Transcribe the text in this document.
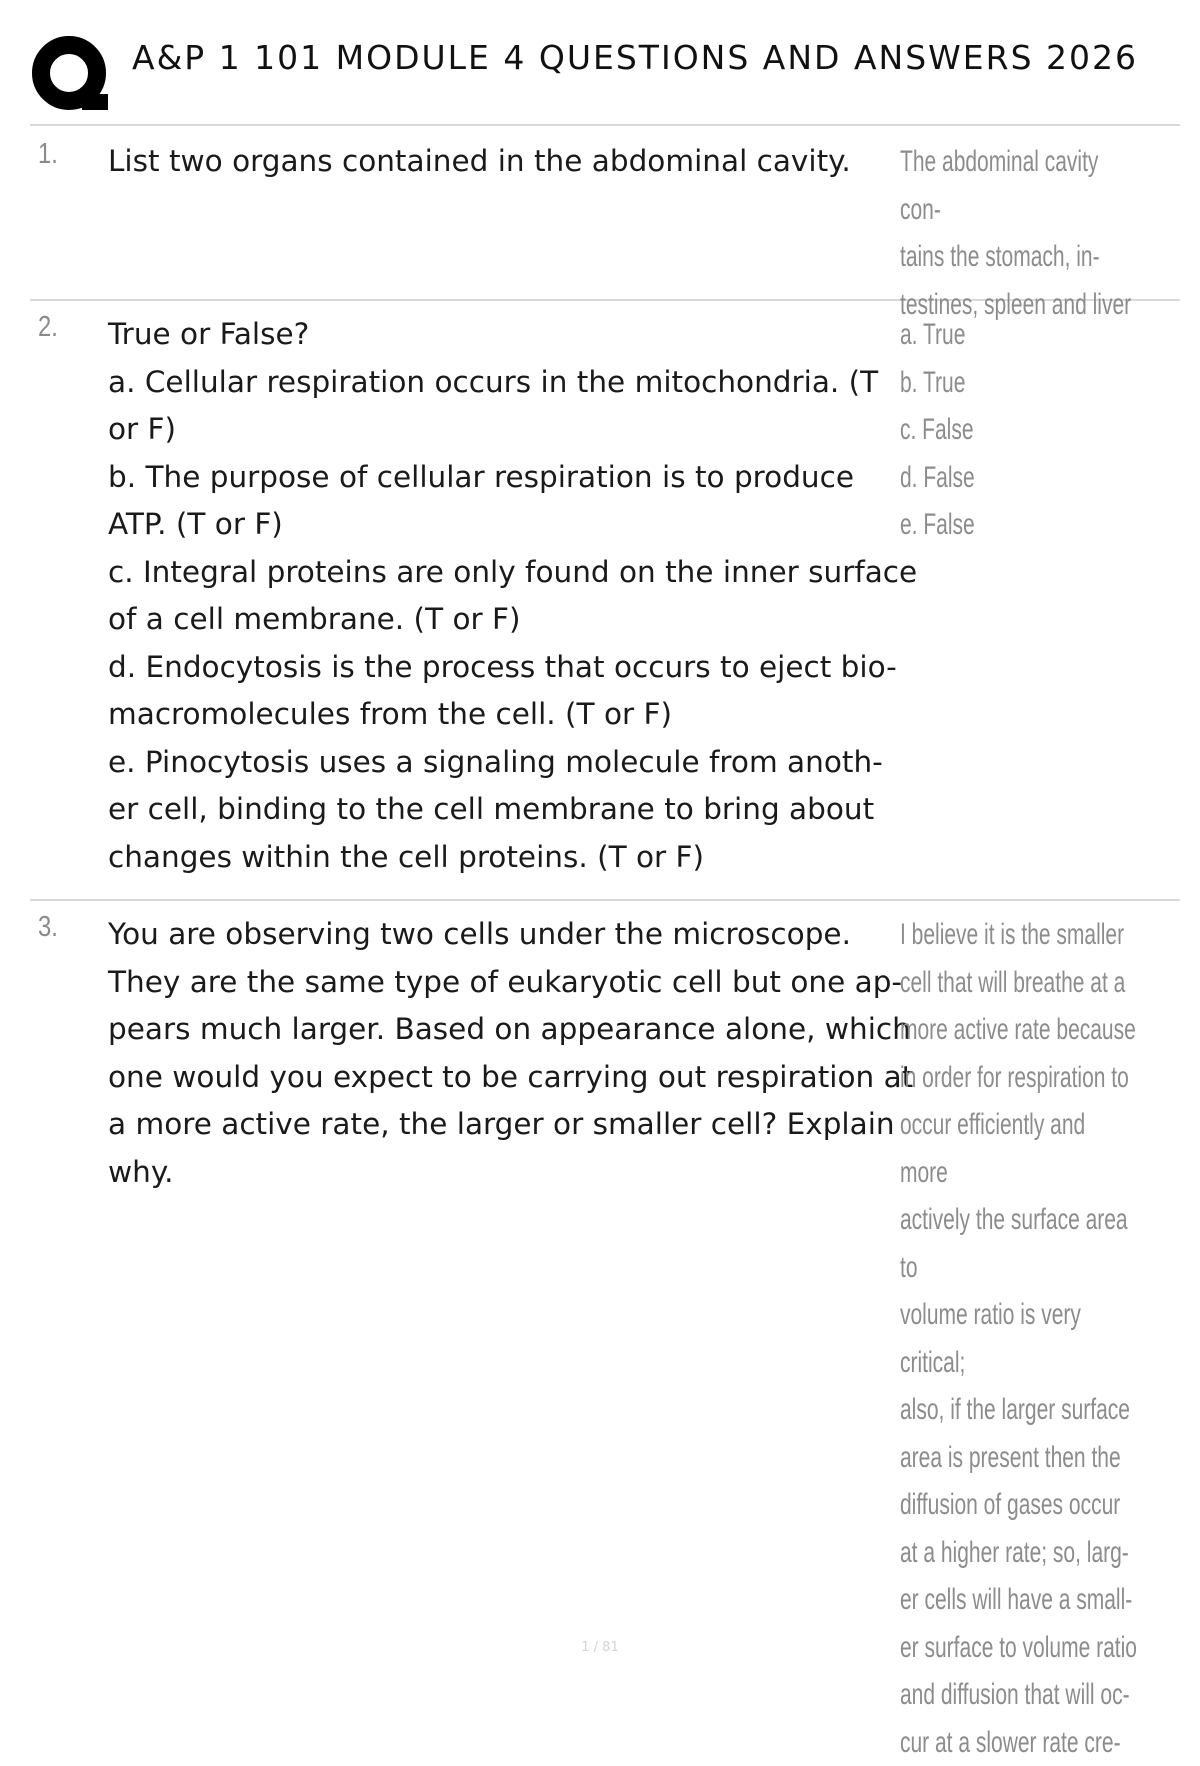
A&P 1 101 MODULE 4 QUESTIONS AND ANSWERS 2026
1. List two organs contained in the abdominal cavity.	The abdominal cavity con-
tains the stomach, in-
testines, spleen and liver

2. True or False?
a. Cellular respiration occurs in the mitochondria. (T
or F)
b. The purpose of cellular respiration is to produce
ATP. (T or F)
c. Integral proteins are only found on the inner surface
of a cell membrane. (T or F)
d. Endocytosis is the process that occurs to eject bio-
macromolecules from the cell. (T or F)
e. Pinocytosis uses a signaling molecule from anoth-
er cell, binding to the cell membrane to bring about
changes within the cell proteins. (T or F)

a. True
b. True
c. False
d. False
e. False

3. You are observing two cells under the microscope.
They are the same type of eukaryotic cell but one ap-
pears much larger. Based on appearance alone, which
one would you expect to be carrying out respiration at
a more active rate, the larger or smaller cell? Explain
why.

I believe it is the smaller
cell that will breathe at a
more active rate because
in order for respiration to
occur efficiently and more
actively the surface area to
volume ratio is very critical;
also, if the larger surface
area is present then the
diffusion of gases occur
at a higher rate; so, larg-
er cells will have a small-
er surface to volume ratio
and diffusion that will oc-
cur at a slower rate cre-

1 / 81
